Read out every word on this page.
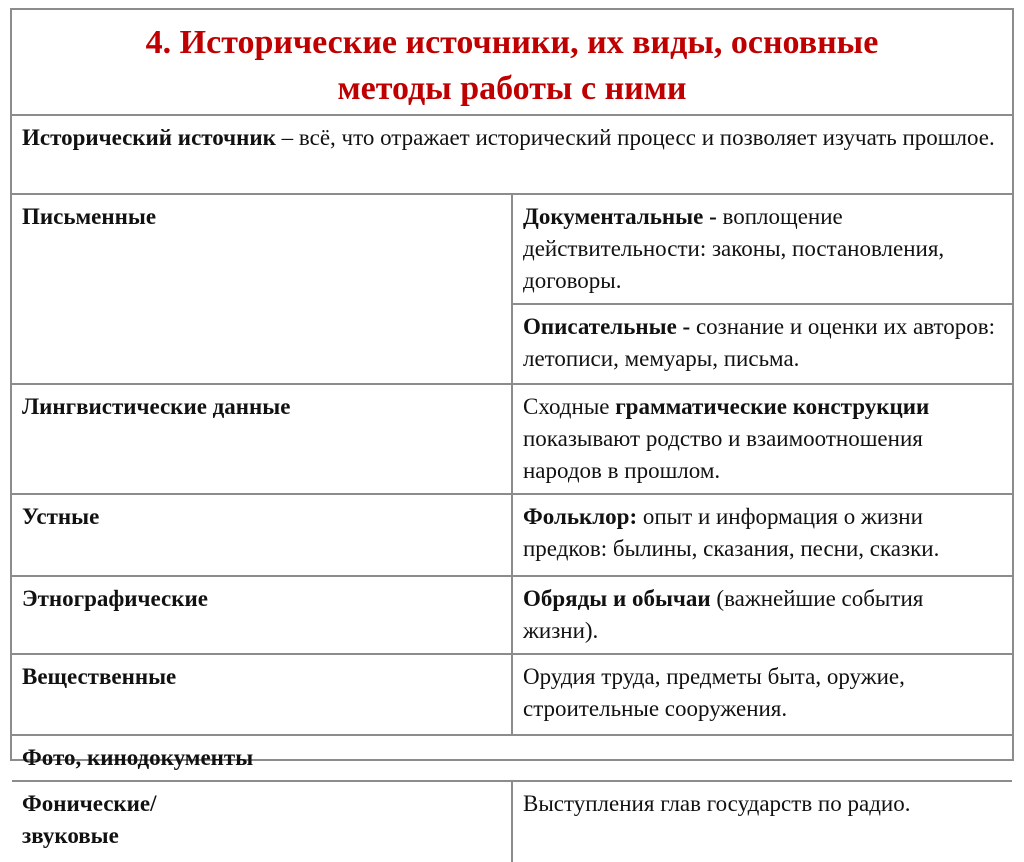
4. Исторические источники, их виды, основные
методы работы с ними
Исторический источник – всё, что отражает исторический процесс и позволяет изучать прошлое.	
Письменные	Документальные - воплощение действительности: законы, постановления, договоры.
	Описательные - сознание и оценки их авторов: летописи, мемуары, письма.
Лингвистические данные	Сходные грамматические конструкции показывают родство и взаимоотношения народов в прошлом.
Устные	Фольклор: опыт и информация о жизни предков: былины, сказания, песни, сказки.
Этнографические	Обряды и обычаи (важнейшие события жизни).
Вещественные	Орудия труда, предметы быта, оружие, строительные сооружения.
Фото, кинодокументы	
Фонические/
звуковые	Выступления глав государств по радио.
